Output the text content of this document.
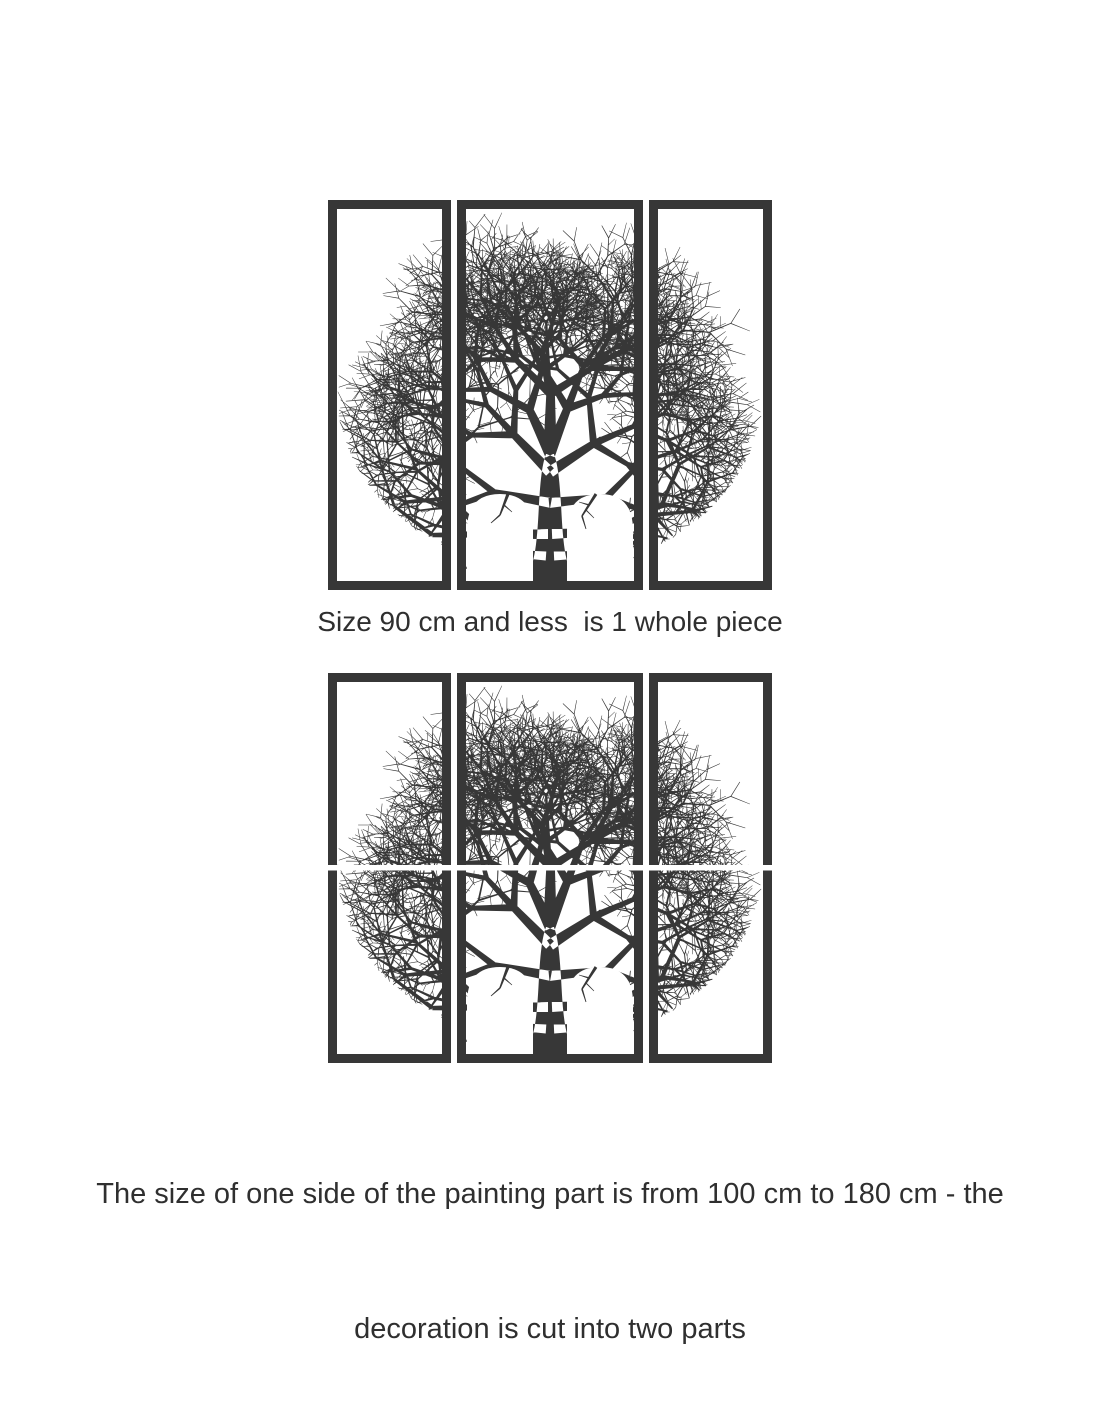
Size 90 cm and less  is 1 whole piece

The size of one side of the painting part is from 100 cm to 180 cm - the

decoration is cut into two parts
